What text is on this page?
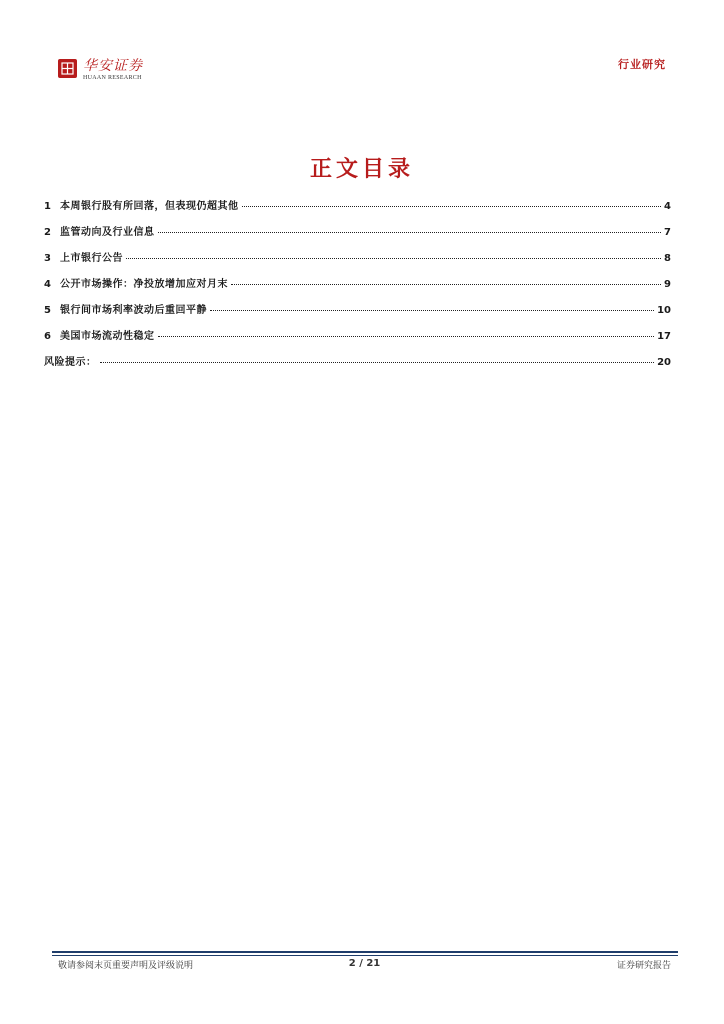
华安证券
HUAAN RESEARCH
行业研究
正文目录
1 本周银行股有所回落，但表现仍超其他	4
2 监管动向及行业信息	7
3 上市银行公告	8
4 公开市场操作：净投放增加应对月末	9
5 银行间市场利率波动后重回平静	10
6 美国市场流动性稳定	17
风险提示：	20
敬请参阅末页重要声明及评级说明	2 / 21	证券研究报告
